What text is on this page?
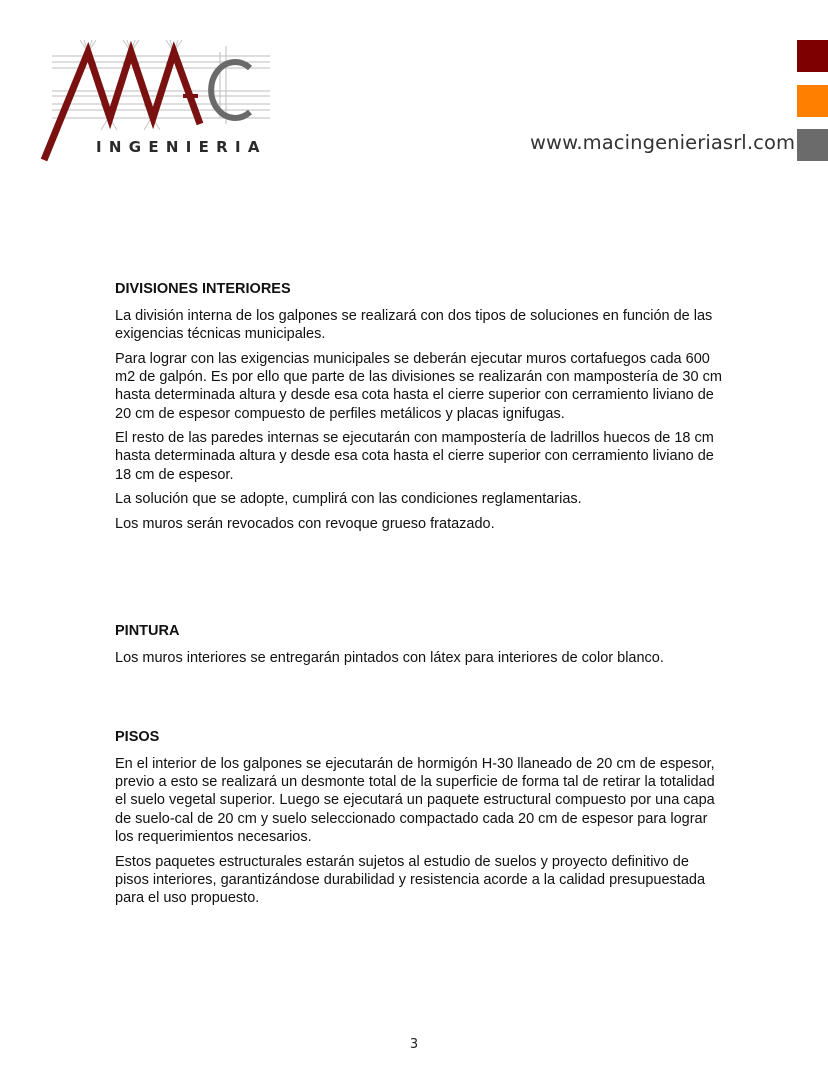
INGENIERIA	www.macingenieriasrl.com
DIVISIONES INTERIORES

La división interna de los galpones se realizará con dos tipos de soluciones en función de las exigencias técnicas municipales.

Para lograr con las exigencias municipales se deberán ejecutar muros cortafuegos cada 600 m2 de galpón. Es por ello que parte de las divisiones se realizarán con mampostería de 30 cm hasta determinada altura y desde esa cota hasta el cierre superior con cerramiento liviano de 20 cm de espesor compuesto de perfiles metálicos y placas ignifugas.

El resto de las paredes internas se ejecutarán con mampostería de ladrillos huecos de 18 cm hasta determinada altura y desde esa cota hasta el cierre superior con cerramiento liviano de 18 cm de espesor.

La solución que se adopte, cumplirá con las condiciones reglamentarias.

Los muros serán revocados con revoque grueso fratazado.

PINTURA

Los muros interiores se entregarán pintados con látex para interiores de color blanco.

PISOS

En el interior de los galpones se ejecutarán de hormigón H-30 llaneado de 20 cm de espesor, previo a esto se realizará un desmonte total de la superficie de forma tal de retirar la totalidad el suelo vegetal superior. Luego se ejecutará un paquete estructural compuesto por una capa de suelo-cal de 20 cm y suelo seleccionado compactado cada 20 cm de espesor para lograr los requerimientos necesarios.

Estos paquetes estructurales estarán sujetos al estudio de suelos y proyecto definitivo de pisos interiores, garantizándose durabilidad y resistencia acorde a la calidad presupuestada para el uso propuesto.

3
